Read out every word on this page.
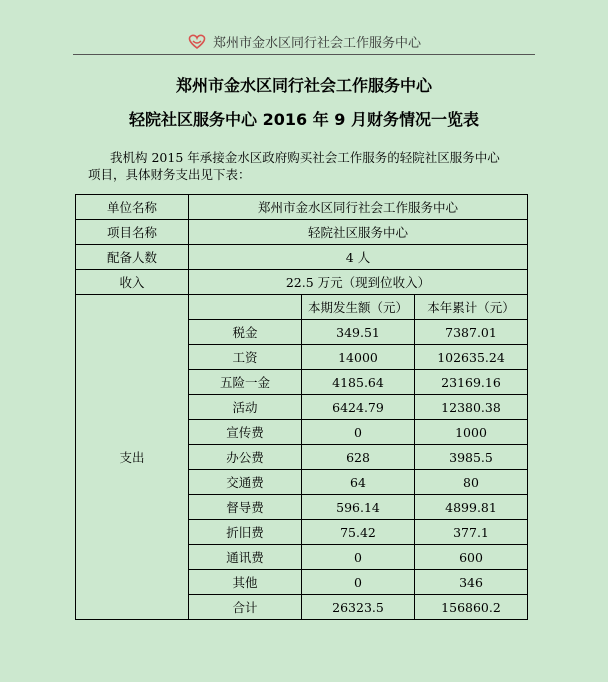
郑州市金水区同行社会工作服务中心
郑州市金水区同行社会工作服务中心
轻院社区服务中心 2016 年 9 月财务情况一览表
我机构 2015 年承接金水区政府购买社会工作服务的轻院社区服务中心
项目，具体财务支出见下表：
单位名称	郑州市金水区同行社会工作服务中心		
项目名称	轻院社区服务中心		
配备人数	4 人		
收入	22.5 万元（现到位收入）		
支出		本期发生额（元）	本年累计（元）
	税金	349.51	7387.01
	工资	14000	102635.24
	五险一金	4185.64	23169.16
	活动	6424.79	12380.38
	宣传费	0	1000
	办公费	628	3985.5
	交通费	64	80
	督导费	596.14	4899.81
	折旧费	75.42	377.1
	通讯费	0	600
	其他	0	346
	合计	26323.5	156860.2
